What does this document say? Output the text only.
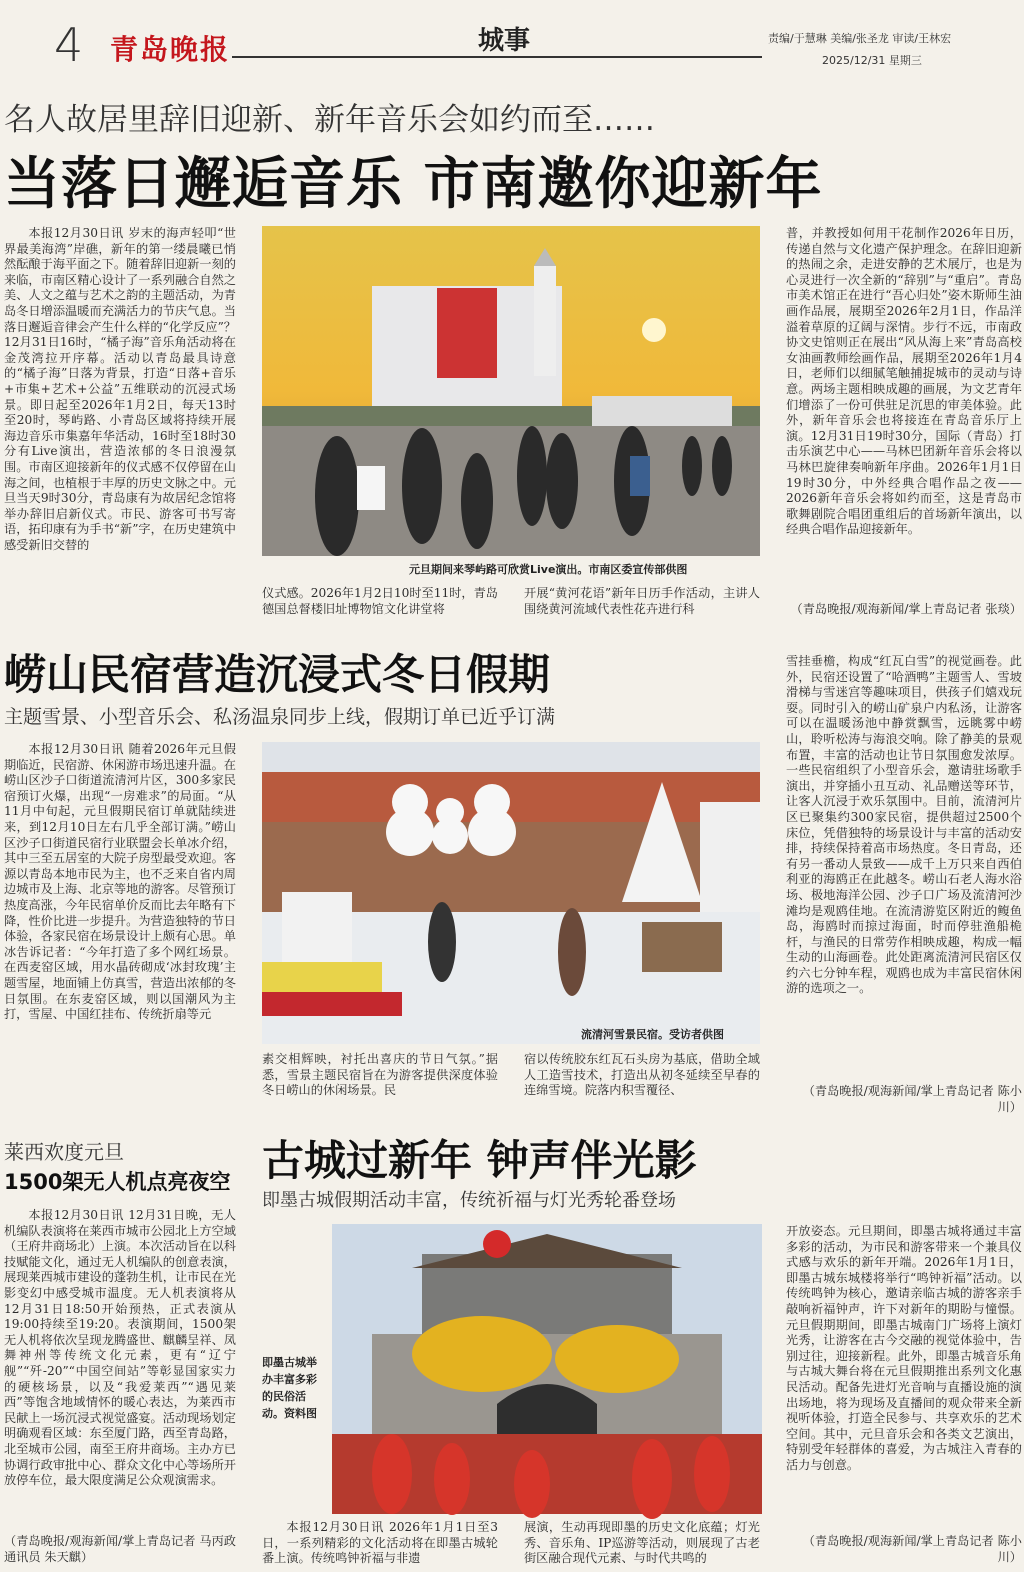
4 青岛晚报	城事	责编/于慧琳 美编/张圣龙 审读/王林宏
2025/12/31 星期三
名人故居里辞旧迎新、新年音乐会如约而至……
当落日邂逅音乐 市南邀你迎新年
本报12月30日讯 岁末的海声轻叩“世界最美海湾”岸礁，新年的第一缕晨曦已悄然酝酿于海平面之下。随着辞旧迎新一刻的来临，市南区精心设计了一系列融合自然之美、人文之蕴与艺术之韵的主题活动，为青岛冬日增添温暖而充满活力的节庆气息。当落日邂逅音律会产生什么样的“化学反应”？12月31日16时，“橘子海”音乐角活动将在金茂湾拉开序幕。活动以青岛最具诗意的“橘子海”日落为背景，打造“日落+音乐+市集+艺术+公益”五维联动的沉浸式场景。即日起至2026年1月2日，每天13时至20时，琴屿路、小青岛区域将持续开展海边音乐市集嘉年华活动，16时至18时30分有Live演出，营造浓郁的冬日浪漫氛围。市南区迎接新年的仪式感不仅停留在山海之间，也植根于丰厚的历史文脉之中。元旦当天9时30分，青岛康有为故居纪念馆将举办辞旧启新仪式。市民、游客可书写寄语，拓印康有为手书“新”字，在历史建筑中感受新旧交替的
元旦期间来琴屿路可欣赏Live演出。市南区委宣传部供图
仪式感。2026年1月2日10时至11时，青岛德国总督楼旧址博物馆文化讲堂将
开展“黄河花语”新年日历手作活动，主讲人围绕黄河流域代表性花卉进行科
普，并教授如何用干花制作2026年日历，传递自然与文化遗产保护理念。在辞旧迎新的热闹之余，走进安静的艺术展厅，也是为心灵进行一次全新的“辞别”与“重启”。青岛市美术馆正在进行“吾心归处”姿木斯师生油画作品展，展期至2026年2月1日，作品洋溢着草原的辽阔与深情。步行不远，市南政协文史馆则正在展出“风从海上来”青岛高校女油画教师绘画作品，展期至2026年1月4日，老师们以细腻笔触捕捉城市的灵动与诗意。两场主题相映成趣的画展，为文艺青年们增添了一份可供驻足沉思的审美体验。此外，新年音乐会也将接连在青岛音乐厅上演。12月31日19时30分，国际（青岛）打击乐演艺中心——马林巴团新年音乐会将以马林巴旋律奏响新年序曲。2026年1月1日19时30分，中外经典合唱作品之夜——2026新年音乐会将如约而至，这是青岛市歌舞剧院合唱团重组后的首场新年演出，以经典合唱作品迎接新年。
（青岛晚报/观海新闻/掌上青岛记者 张琰）
崂山民宿营造沉浸式冬日假期
主题雪景、小型音乐会、私汤温泉同步上线，假期订单已近乎订满
本报12月30日讯 随着2026年元旦假期临近，民宿游、休闲游市场迅速升温。在崂山区沙子口街道流清河片区，300多家民宿预订火爆，出现“一房难求”的局面。“从11月中旬起，元旦假期民宿订单就陆续进来，到12月10日左右几乎全部订满。”崂山区沙子口街道民宿行业联盟会长单冰介绍，其中三至五居室的大院子房型最受欢迎。客源以青岛本地市民为主，也不乏来自省内周边城市及上海、北京等地的游客。尽管预订热度高涨，今年民宿单价反而比去年略有下降，性价比进一步提升。为营造独特的节日体验，各家民宿在场景设计上颇有心思。单冰告诉记者：“今年打造了多个网红场景。在西麦窑区域，用水晶砖砌成‘冰封玫瑰’主题雪屋，地面铺上仿真雪，营造出浓郁的冬日氛围。在东麦窑区域，则以国潮风为主打，雪屋、中国红挂布、传统折扇等元
流清河雪景民宿。受访者供图
素交相辉映，衬托出喜庆的节日气氛。”据悉，雪景主题民宿旨在为游客提供深度体验冬日崂山的休闲场景。民
宿以传统胶东红瓦石头房为基底，借助全域人工造雪技术，打造出从初冬延续至早春的连绵雪境。院落内积雪覆径、
雪挂垂檐，构成“红瓦白雪”的视觉画卷。此外，民宿还设置了“哈酒鸭”主题雪人、雪坡滑梯与雪迷宫等趣味项目，供孩子们嬉戏玩耍。同时引入的崂山矿泉户内私汤，让游客可以在温暖汤池中静赏飘雪，远眺雾中崂山，聆听松涛与海浪交响。除了静美的景观布置，丰富的活动也让节日氛围愈发浓厚。一些民宿组织了小型音乐会，邀请驻场歌手演出，并穿插小丑互动、礼品赠送等环节，让客人沉浸于欢乐氛围中。目前，流清河片区已聚集约300家民宿，提供超过2500个床位，凭借独特的场景设计与丰富的活动安排，持续保持着高市场热度。冬日青岛，还有另一番动人景致——成千上万只来自西伯利亚的海鸥正在此越冬。崂山石老人海水浴场、极地海洋公园、沙子口广场及流清河沙滩均是观鸥佳地。在流清游览区附近的鳆鱼岛，海鸥时而掠过海面，时而停驻渔船桅杆，与渔民的日常劳作相映成趣，构成一幅生动的山海画卷。此处距离流清河民宿区仅约六七分钟车程，观鸥也成为丰富民宿休闲游的选项之一。
（青岛晚报/观海新闻/掌上青岛记者 陈小川）
莱西欢度元旦
1500架无人机点亮夜空
本报12月30日讯 12月31日晚，无人机编队表演将在莱西市城市公园北上方空域（王府井商场北）上演。本次活动旨在以科技赋能文化，通过无人机编队的创意表演，展现莱西城市建设的蓬勃生机，让市民在光影变幻中感受城市温度。无人机表演将从12月31日18:50开始预热，正式表演从19:00持续至19:20。表演期间，1500架无人机将依次呈现龙腾盛世、麒麟呈祥、凤舞神州等传统文化元素，更有“辽宁舰”“歼-20”“中国空间站”等彰显国家实力的硬核场景，以及“我爱莱西”“遇见莱西”等饱含地域情怀的暖心表达，为莱西市民献上一场沉浸式视觉盛宴。活动现场划定明确观看区域：东至厦门路，西至青岛路，北至城市公园，南至王府井商场。主办方已协调行政审批中心、群众文化中心等场所开放停车位，最大限度满足公众观演需求。
（青岛晚报/观海新闻/掌上青岛记者 马丙政 通讯员 朱天麒）
古城过新年 钟声伴光影
即墨古城假期活动丰富，传统祈福与灯光秀轮番登场
即墨古城举办丰富多彩的民俗活动。资料图
本报12月30日讯 2026年1月1日至3日，一系列精彩的文化活动将在即墨古城轮番上演。传统鸣钟祈福与非遗
展演，生动再现即墨的历史文化底蕴；灯光秀、音乐角、IP巡游等活动，则展现了古老街区融合现代元素、与时代共鸣的
开放姿态。元旦期间，即墨古城将通过丰富多彩的活动，为市民和游客带来一个兼具仪式感与欢乐的新年开端。2026年1月1日，即墨古城东城楼将举行“鸣钟祈福”活动。以传统鸣钟为核心，邀请亲临古城的游客亲手敲响祈福钟声，许下对新年的期盼与憧憬。元旦假期期间，即墨古城南门广场将上演灯光秀，让游客在古今交融的视觉体验中，告别过往，迎接新程。此外，即墨古城音乐角与古城大舞台将在元旦假期推出系列文化惠民活动。配备先进灯光音响与直播设施的演出场地，将为现场及直播间的观众带来全新视听体验，打造全民参与、共享欢乐的艺术空间。其中，元旦音乐会和各类文艺演出，特别受年轻群体的喜爱，为古城注入青春的活力与创意。
（青岛晚报/观海新闻/掌上青岛记者 陈小川）
